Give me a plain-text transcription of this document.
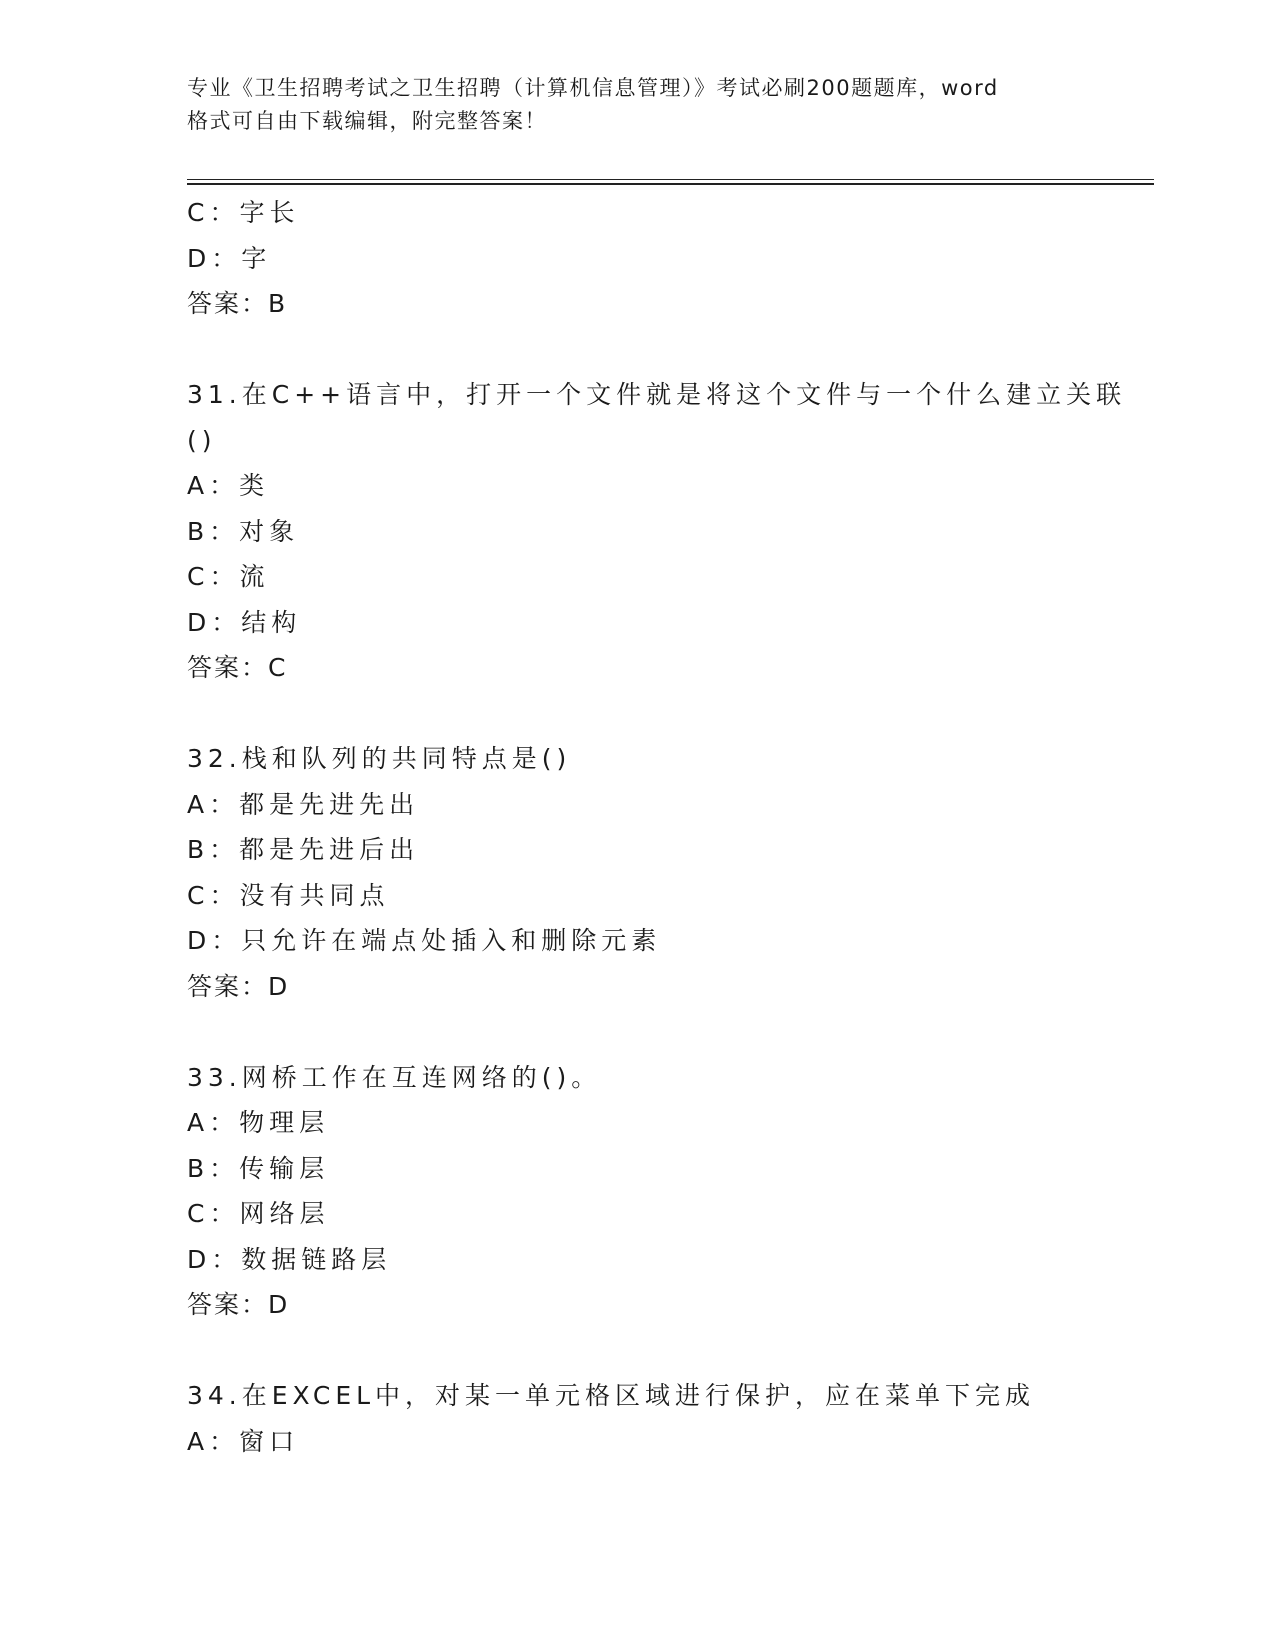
专业《卫生招聘考试之卫生招聘（计算机信息管理）》考试必刷200题题库，word
格式可自由下载编辑，附完整答案！
C：字长
D：字
答案：B
31.在C++语言中，打开一个文件就是将这个文件与一个什么建立关联
()
A：类
B：对象
C：流
D：结构
答案：C
32.栈和队列的共同特点是()
A：都是先进先出
B：都是先进后出
C：没有共同点
D：只允许在端点处插入和删除元素
答案：D
33.网桥工作在互连网络的()。
A：物理层
B：传输层
C：网络层
D：数据链路层
答案：D
34.在EXCEL中，对某一单元格区域进行保护，应在菜单下完成
A：窗口
